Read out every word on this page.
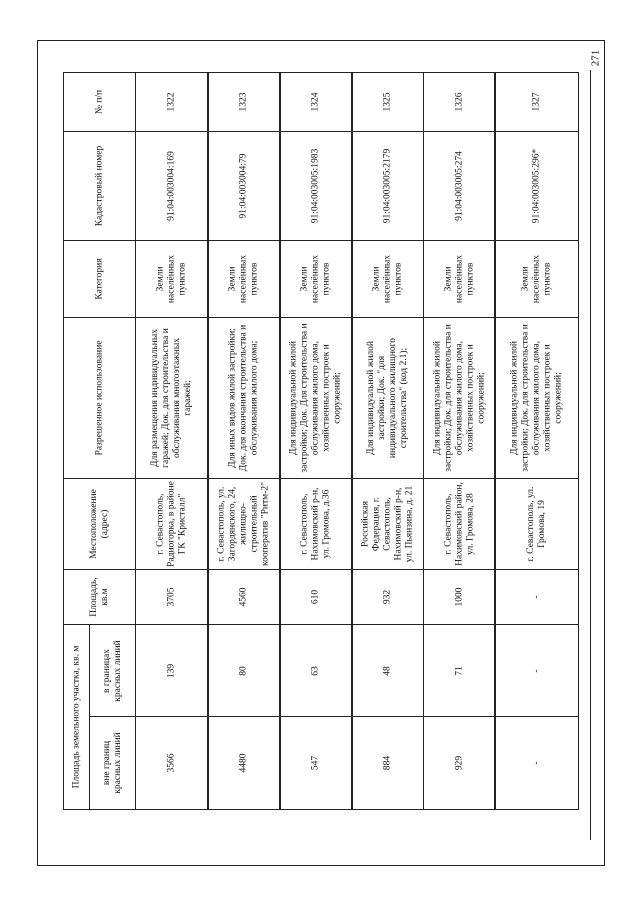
271
№ п/п
Кадастровый номер
Категория
Разрешенное использование
Местоположение (адрес)
Площадь, кв.м
Площадь земельного участка, кв. м в границах красных линий
вне границ красных линий
1322
91:04:003004:169
Земли населённых пунктов
Для размещения индивидуальных гаражей; Док. для строительства и обслуживания многоэтажных гаражей;
г. Севастополь, Радиогорка, в районе ГК "Кристалл"
3705
139
3566
1323
91:04:003004:79
Земли населённых пунктов
Для иных видов жилой застройки; Док. для окончания строительства и обслуживания жилого дома;
г. Севастополь, ул. Загордянского, 24, жилищно-строительный кооператив "Ритм-2"
4560
80
4480
1324
91:04:003005:1983
Земли населённых пунктов
Для индивидуальной жилой застройки; Док. Для строительства и обслуживания жилого дома, хозяйственных построек и сооружений;
г. Севастополь, Нахимовский р-н, ул. Громова, д.36
610
63
547
1325
91:04:003005:2179
Земли населённых пунктов
Для индивидуальной жилой застройки; Док. "для индивидуального жилищного строительства" (код 2.1);
Российская Федерация, г. Севастополь, Нахимовский р-н, ул. Пьянзина, д. 21
932
48
884
1326
91:04:003005:274
Земли населённых пунктов
Для индивидуальной жилой застройки; Док. для строительства и обслуживания жилого дома, хозяйственных построек и сооружений;
г. Севастополь, Нахимовский район, ул. Громова, 28
1000
71
929
1327
91:04:003005:296*
Земли населённых пунктов
Для индивидуальной жилой застройки; Док. для строительства и обслуживания жилого дома, хозяйственных построек и сооружений;
г. Севастополь, ул. Громова, 19
-
-
-
